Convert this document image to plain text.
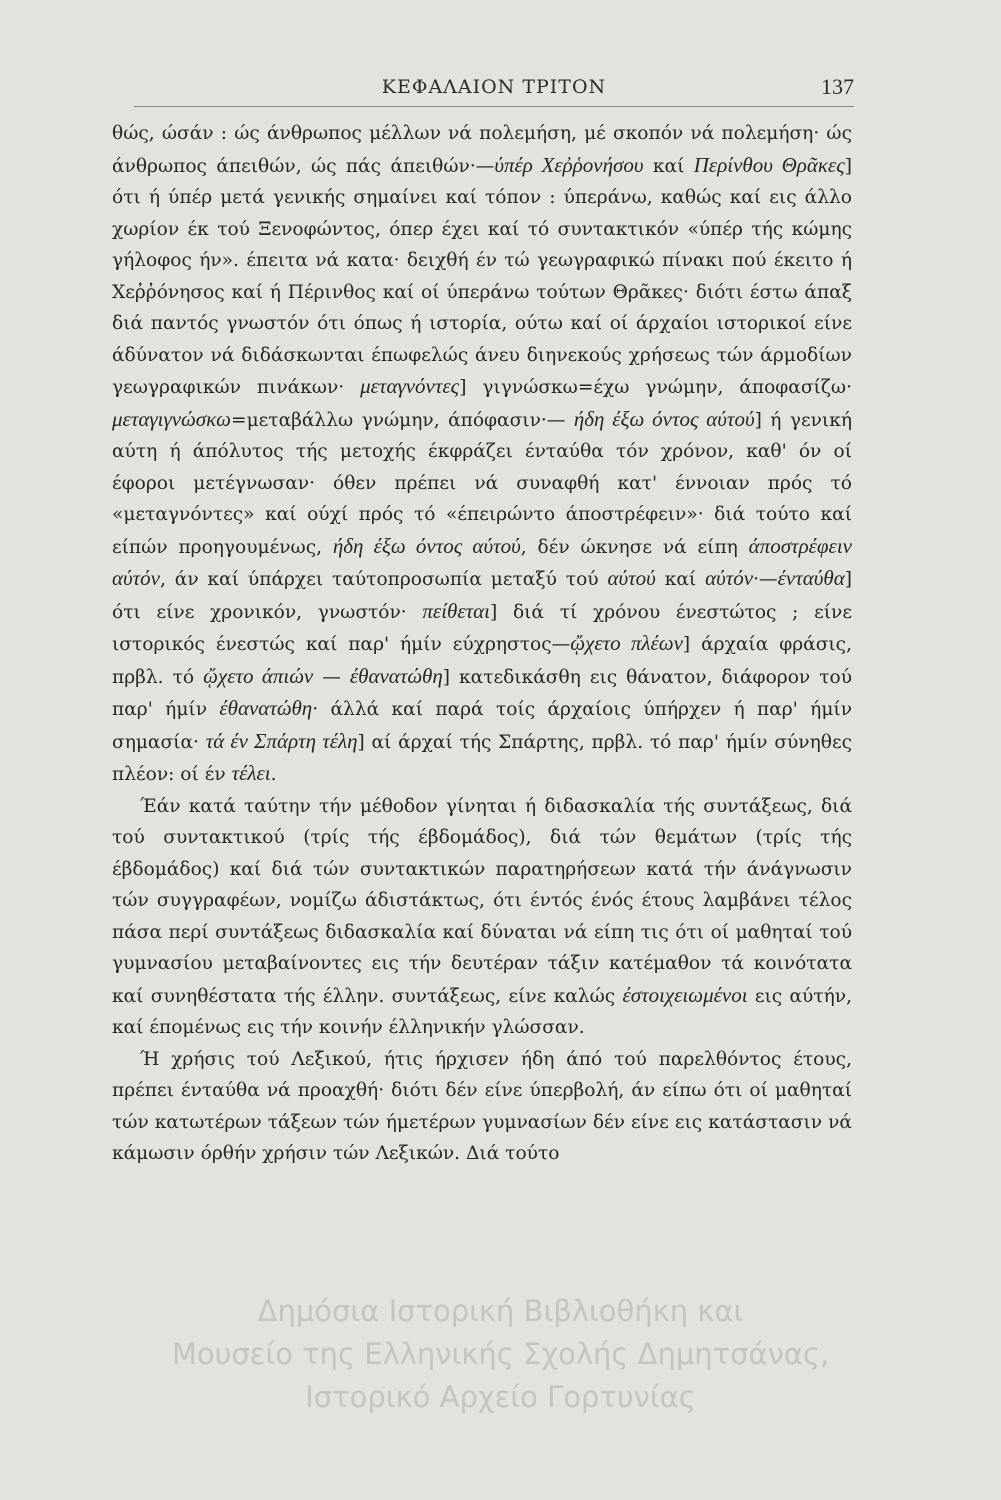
ΚΕΦΑΛΑΙΟΝ ΤΡΙΤΟΝ	137

θώς, ώσάν : ώς άνθρωπος μέλλων νά πολεμήση, μέ σκοπόν νά πολεμήση· ώς άνθρωπος άπειθών, ώς πάς άπειθών·—ύπέρ Χεῤῥονήσου καί Περίνθου Θρᾶκες] ότι ή ύπέρ μετά γενικής σημαίνει καί τόπον : ύπεράνω, καθώς καί εις άλλο χωρίον έκ τού Ξενοφώντος, όπερ έχει καί τό συντακτικόν «ύπέρ τής κώμης γήλοφος ήν». έπειτα νά κατα· δειχθή έν τώ γεωγραφικώ πίνακι πού έκειτο ή Χεῤῥόνησος καί ή Πέρινθος καί οί ύπεράνω τούτων Θρᾶκες· διότι έστω άπαξ διά παντός γνωστόν ότι όπως ή ιστορία, ούτω καί οί άρχαίοι ιστορικοί είνε άδύνατον νά διδάσκωνται έπωφελώς άνευ διηνεκούς χρήσεως τών άρμοδίων γεωγραφικών πινάκων· μεταγνόντες] γιγνώσκω=έχω γνώμην, άποφασίζω· μεταγιγνώσκω=μεταβάλλω γνώμην, άπόφασιν·— ήδη έξω όντος αύτού] ή γενική αύτη ή άπόλυτος τής μετοχής έκφράζει ένταύθα τόν χρόνον, καθ' όν οί έφοροι μετέγνωσαν· όθεν πρέπει νά συναφθή κατ' έννοιαν πρός τό «μεταγνόντες» καί ούχί πρός τό «έπειρώντο άποστρέφειν»· διά τούτο καί είπών προηγουμένως, ήδη έξω όντος αύτού, δέν ώκνησε νά είπη άποστρέφειν αύτόν, άν καί ύπάρχει ταύτοπροσωπία μεταξύ τού αύτού καί αύτόν·—ένταύθα] ότι είνε χρονικόν, γνωστόν· πείθεται] διά τί χρόνου ένεστώτος ; είνε ιστορικός ένεστώς καί παρ' ήμίν εύχρηστος—ᾤχετο πλέων] άρχαία φράσις, πρβλ. τό ᾤχετο άπιών — έθανατώθη] κατεδικάσθη εις θάνατον, διάφορον τού παρ' ήμίν έθανατώθη· άλλά καί παρά τοίς άρχαίοις ύπήρχεν ή παρ' ήμίν σημασία· τά έν Σπάρτη τέλη] αί άρχαί τής Σπάρτης, πρβλ. τό παρ' ήμίν σύνηθες πλέον: οί έν τέλει.

Έάν κατά ταύτην τήν μέθοδον γίνηται ή διδασκαλία τής συντάξεως, διά τού συντακτικού (τρίς τής έβδομάδος), διά τών θεμάτων (τρίς τής έβδομάδος) καί διά τών συντακτικών παρατηρήσεων κατά τήν άνάγνωσιν τών συγγραφέων, νομίζω άδιστάκτως, ότι έντός ένός έτους λαμβάνει τέλος πάσα περί συντάξεως διδασκαλία καί δύναται νά είπη τις ότι οί μαθηταί τού γυμνασίου μεταβαίνοντες εις τήν δευτέραν τάξιν κατέμαθον τά κοινότατα καί συνηθέστατα τής έλλην. συντάξεως, είνε καλώς έστοιχειωμένοι εις αύτήν, καί έπομένως εις τήν κοινήν έλληνικήν γλώσσαν.

Ή χρήσις τού Λεξικού, ήτις ήρχισεν ήδη άπό τού παρελθόντος έτους, πρέπει ένταύθα νά προαχθή· διότι δέν είνε ύπερβολή, άν είπω ότι οί μαθηταί τών κατωτέρων τάξεων τών ήμετέρων γυμνασίων δέν είνε εις κατάστασιν νά κάμωσιν όρθήν χρήσιν τών Λεξικών. Διά τούτο

Δημόσια Ιστορική Βιβλιοθήκη και
Μουσείο της Ελληνικής Σχολής Δημητσάνας,
Ιστορικό Αρχείο Γορτυνίας
